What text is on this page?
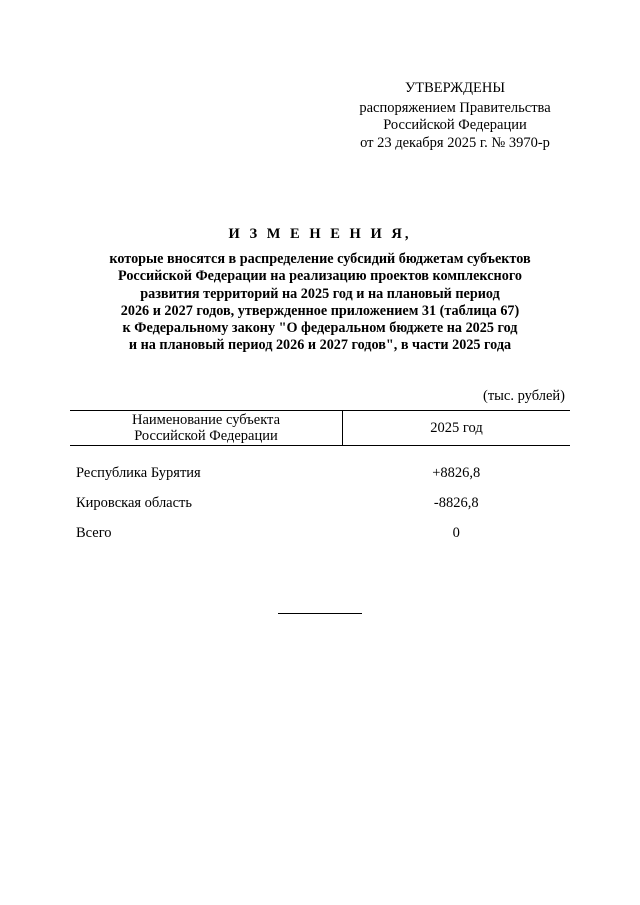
УТВЕРЖДЕНЫ
распоряжением Правительства
Российской Федерации
от 23 декабря 2025 г. № 3970-р
И З М Е Н Е Н И Я,
которые вносятся в распределение субсидий бюджетам субъектов
Российской Федерации на реализацию проектов комплексного
развития территорий на 2025 год и на плановый период
2026 и 2027 годов, утвержденное приложением 31 (таблица 67)
к Федеральному закону "О федеральном бюджете на 2025 год
и на плановый период 2026 и 2027 годов", в части 2025 года
(тыс. рублей)
Наименование субъекта
Российской Федерации	2025 год
Республика Бурятия	+8826,8
Кировская область	-8826,8
Всего	0
